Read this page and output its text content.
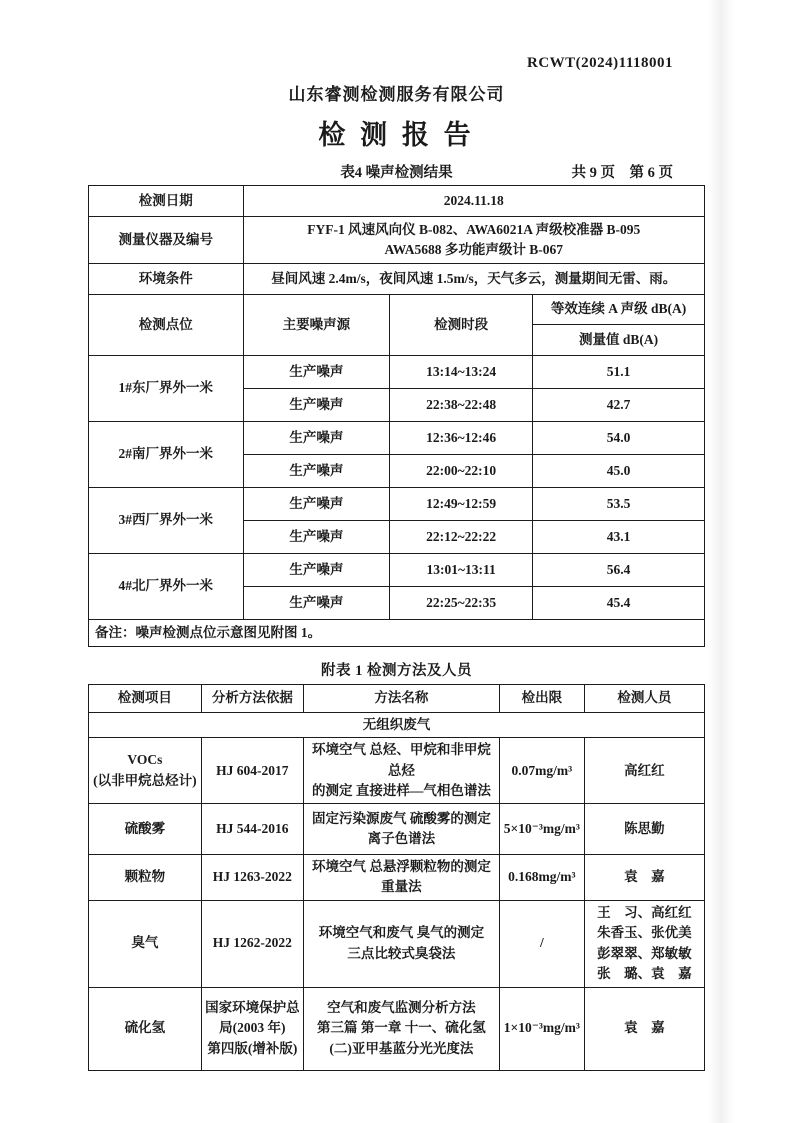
RCWT(2024)1118001
山东睿测检测服务有限公司
检 测 报 告
表4 噪声检测结果	共 9 页　第 6 页
检测日期	2024.11.18		
测量仪器及编号	FYF-1 风速风向仪 B-082、AWA6021A 声级校准器 B-095
AWA5688 多功能声级计 B-067		

环境条件	昼间风速 2.4m/s，夜间风速 1.5m/s，天气多云，测量期间无雷、雨。		
检测点位	主要噪声源	检测时段	等效连续 A 声级 dB(A)
			测量值 dB(A)
1#东厂界外一米	生产噪声	13:14~13:24	51.1
	生产噪声	22:38~22:48	42.7
2#南厂界外一米	生产噪声	12:36~12:46	54.0
	生产噪声	22:00~22:10	45.0
3#西厂界外一米	生产噪声	12:49~12:59	53.5
	生产噪声	22:12~22:22	43.1
4#北厂界外一米	生产噪声	13:01~13:11	56.4
	生产噪声	22:25~22:35	45.4
备注：噪声检测点位示意图见附图 1。			
附表 1 检测方法及人员
检测项目	分析方法依据	方法名称	检出限	检测人员
无组织废气				

VOCs
(以非甲烷总烃计)	HJ 604-2017	环境空气 总烃、甲烷和非甲烷总烃
的测定 直接进样—气相色谱法	0.07mg/m³	高红红
硫酸雾	HJ 544-2016	固定污染源废气 硫酸雾的测定
离子色谱法	5×10⁻³mg/m³	陈思勤
颗粒物	HJ 1263-2022	环境空气 总悬浮颗粒物的测定
重量法	0.168mg/m³	袁　嘉
臭气	HJ 1262-2022	环境空气和废气 臭气的测定
三点比较式臭袋法	/	王　习、高红红
朱香玉、张优美
彭翠翠、郑敏敏
张　璐、袁　嘉

硫化氢	国家环境保护总
局(2003 年)
第四版(增补版)	空气和废气监测分析方法
第三篇 第一章 十一、硫化氢
(二)亚甲基蓝分光光度法	1×10⁻³mg/m³	袁　嘉
